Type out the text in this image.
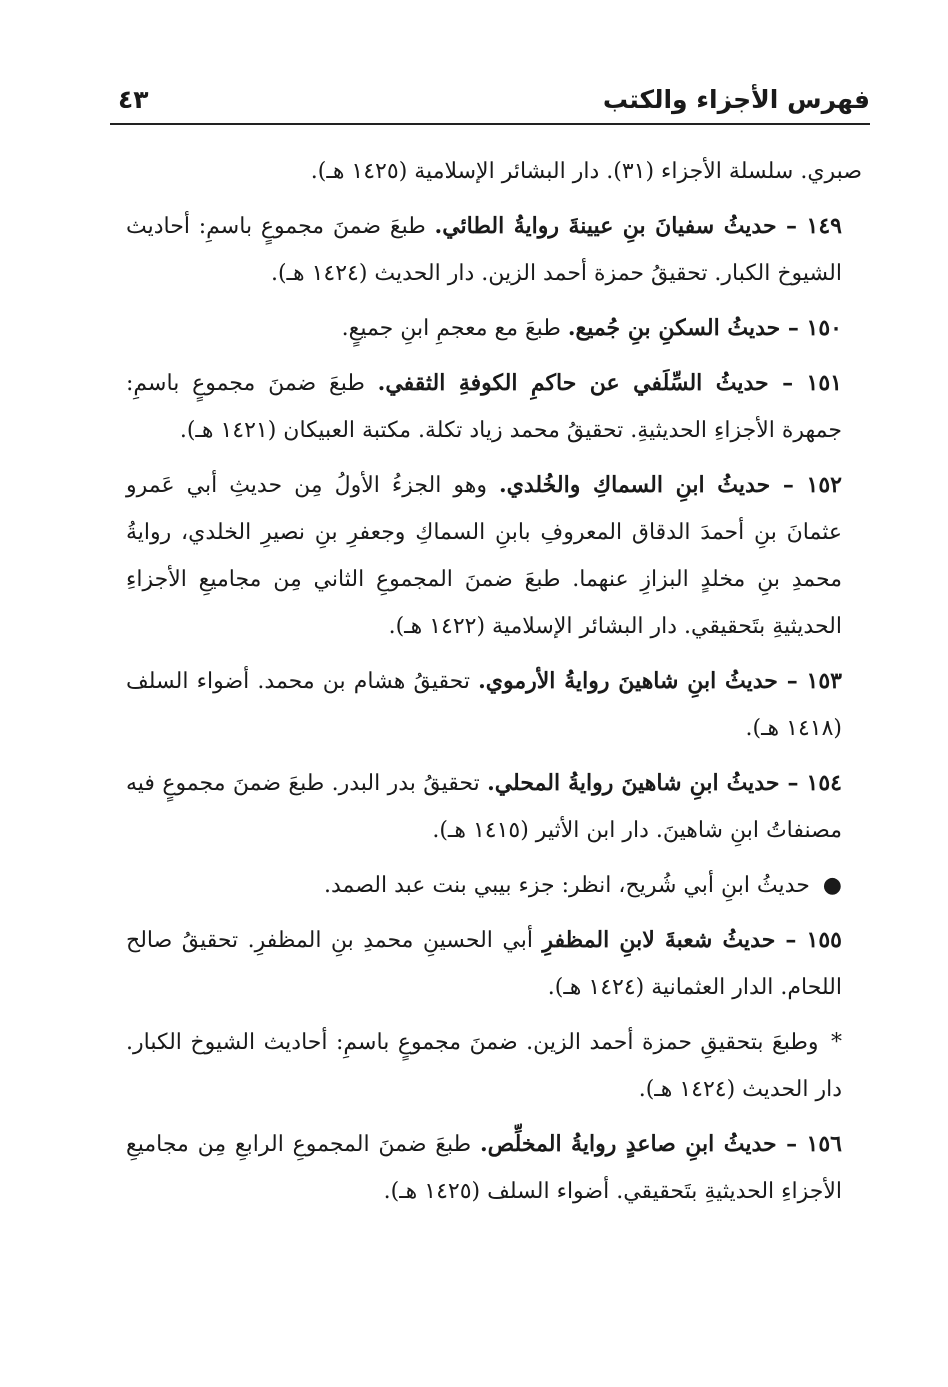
فهرس الأجزاء والكتب
٤٣

صبري. سلسلة الأجزاء (٣١). دار البشائر الإسلامية (١٤٢٥ هـ).

١٤٩ – حديثُ سفيانَ بنِ عيينةَ روايةُ الطائي. طبعَ ضمنَ مجموعٍ باسمِ: أحاديث الشيوخ الكبار. تحقيقُ حمزة أحمد الزين. دار الحديث (١٤٢٤ هـ).

١٥٠ – حديثُ السكنِ بنِ جُميع. طبعَ مع معجمِ ابنِ جميعٍ.

١٥١ – حديثُ السِّلَفي عن حاكمِ الكوفةِ الثقفي. طبعَ ضمنَ مجموعٍ باسمِ: جمهرة الأجزاءِ الحديثيةِ. تحقيقُ محمد زياد تكلة. مكتبة العبيكان (١٤٢١ هـ).

١٥٢ – حديثُ ابنِ السماكِ والخُلدي. وهو الجزءُ الأولُ مِن حديثِ أبي عَمرو عثمانَ بنِ أحمدَ الدقاق المعروفِ بابنِ السماكِ وجعفرِ بنِ نصيرِ الخلدي، روايةُ محمدِ بنِ مخلدٍ البزازِ عنهما. طبعَ ضمنَ المجموعِ الثاني مِن مجاميعِ الأجزاءِ الحديثيةِ بتَحقيقي. دار البشائر الإسلامية (١٤٢٢ هـ).

١٥٣ – حديثُ ابنِ شاهينَ روايةُ الأرموي. تحقيقُ هشام بن محمد. أضواء السلف (١٤١٨ هـ).

١٥٤ – حديثُ ابنِ شاهينَ روايةُ المحلي. تحقيقُ بدر البدر. طبعَ ضمنَ مجموعٍ فيه مصنفاتُ ابنِ شاهينَ. دار ابن الأثير (١٤١٥ هـ).

● حديثُ ابنِ أبي شُريح، انظر: جزء بيبي بنت عبد الصمد.

١٥٥ – حديثُ شعبةَ لابنِ المظفرِ أبي الحسينِ محمدِ بنِ المظفرِ. تحقيقُ صالح اللحام. الدار العثمانية (١٤٢٤ هـ).

* وطبعَ بتحقيقِ حمزة أحمد الزين. ضمنَ مجموعٍ باسمِ: أحاديث الشيوخ الكبار. دار الحديث (١٤٢٤ هـ).

١٥٦ – حديثُ ابنِ صاعدٍ روايةُ المخلِّص. طبعَ ضمنَ المجموعِ الرابعِ مِن مجاميعِ الأجزاءِ الحديثيةِ بتَحقيقي. أضواء السلف (١٤٢٥ هـ).
